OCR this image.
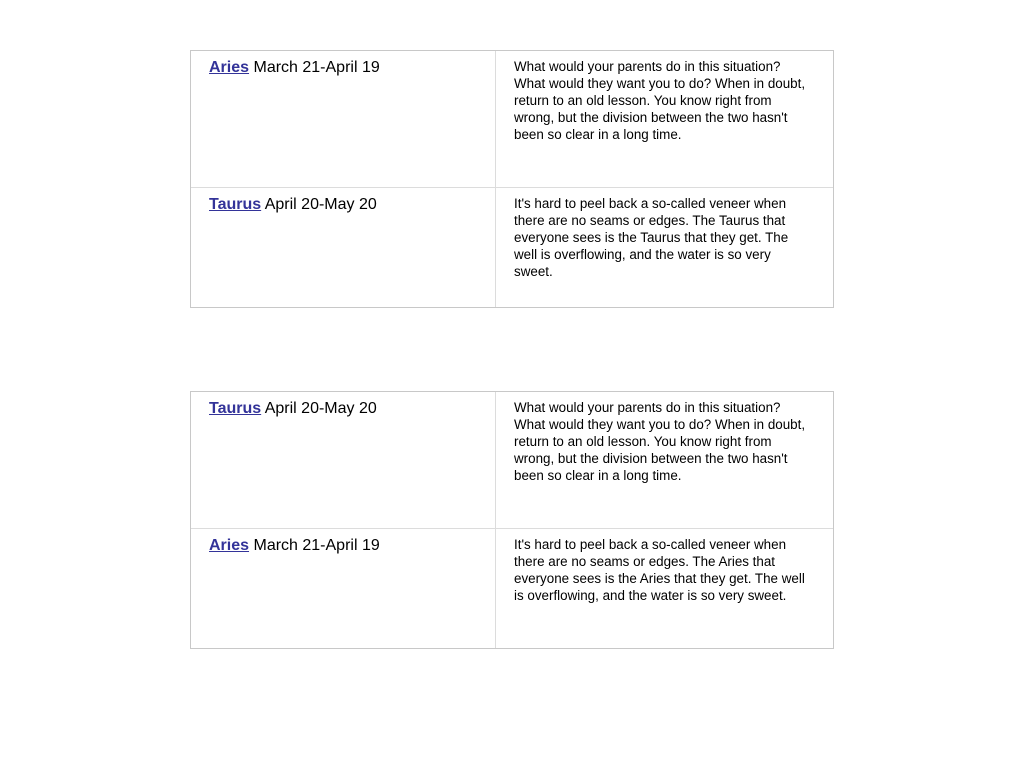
Aries March 21-April 19	What would your parents do in this situation? What would they want you to do? When in doubt, return to an old lesson. You know right from wrong, but the division between the two hasn't been so clear in a long time.
Taurus April 20-May 20	It's hard to peel back a so-called veneer when there are no seams or edges. The Taurus that everyone sees is the Taurus that they get. The well is overflowing, and the water is so very sweet.
Taurus April 20-May 20	What would your parents do in this situation? What would they want you to do? When in doubt, return to an old lesson. You know right from wrong, but the division between the two hasn't been so clear in a long time.
Aries March 21-April 19	It's hard to peel back a so-called veneer when there are no seams or edges. The Aries that everyone sees is the Aries that they get. The well is overflowing, and the water is so very sweet.
